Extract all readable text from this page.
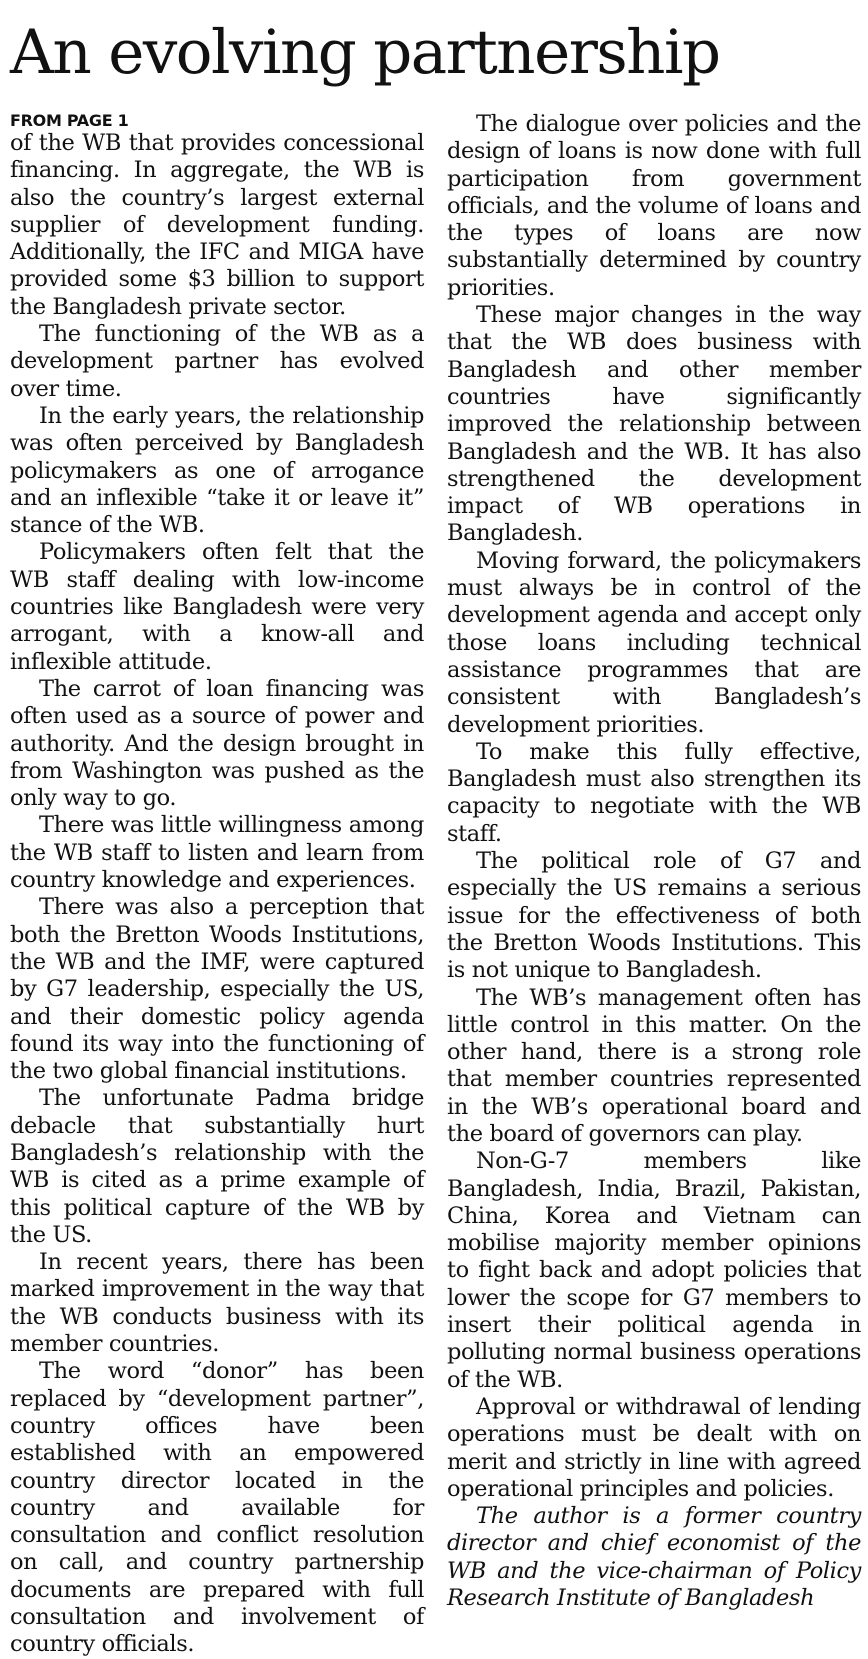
An evolving partnership
FROM PAGE 1

of the WB that provides concessional financing. In aggregate, the WB is also the country’s largest external supplier of development funding. Additionally, the IFC and MIGA have provided some $3 billion to support the Bangladesh private sector.

The functioning of the WB as a development partner has evolved over time.

In the early years, the relationship was often perceived by Bangladesh policymakers as one of arrogance and an inflexible “take it or leave it” stance of the WB.

Policymakers often felt that the WB staff dealing with low-income countries like Bangladesh were very arrogant, with a know-all and inflexible attitude.

The carrot of loan financing was often used as a source of power and authority. And the design brought in from Washington was pushed as the only way to go.

There was little willingness among the WB staff to listen and learn from country knowledge and experiences.

There was also a perception that both the Bretton Woods Institutions, the WB and the IMF, were captured by G7 leadership, especially the US, and their domestic policy agenda found its way into the functioning of the two global financial institutions.

The unfortunate Padma bridge debacle that substantially hurt Bangladesh’s relationship with the WB is cited as a prime example of this political capture of the WB by the US.

In recent years, there has been marked improvement in the way that the WB conducts business with its member countries.

The word “donor” has been replaced by “development partner”, country offices have been established with an empowered country director located in the country and available for consultation and conflict resolution on call, and country partnership documents are prepared with full consultation and involvement of country officials.

The dialogue over policies and the design of loans is now done with full participation from government officials, and the volume of loans and the types of loans are now substantially determined by country priorities.

These major changes in the way that the WB does business with Bangladesh and other member countries have significantly improved the relationship between Bangladesh and the WB. It has also strengthened the development impact of WB operations in Bangladesh.

Moving forward, the policymakers must always be in control of the development agenda and accept only those loans including technical assistance programmes that are consistent with Bangladesh’s development priorities.

To make this fully effective, Bangladesh must also strengthen its capacity to negotiate with the WB staff.

The political role of G7 and especially the US remains a serious issue for the effectiveness of both the Bretton Woods Institutions. This is not unique to Bangladesh.

The WB’s management often has little control in this matter. On the other hand, there is a strong role that member countries represented in the WB’s operational board and the board of governors can play.

Non-G-7 members like Bangladesh, India, Brazil, Pakistan, China, Korea and Vietnam can mobilise majority member opinions to fight back and adopt policies that lower the scope for G7 members to insert their political agenda in polluting normal business operations of the WB.

Approval or withdrawal of lending operations must be dealt with on merit and strictly in line with agreed operational principles and policies.

The author is a former country director and chief economist of the WB and the vice-chairman of Policy Research Institute of Bangladesh
